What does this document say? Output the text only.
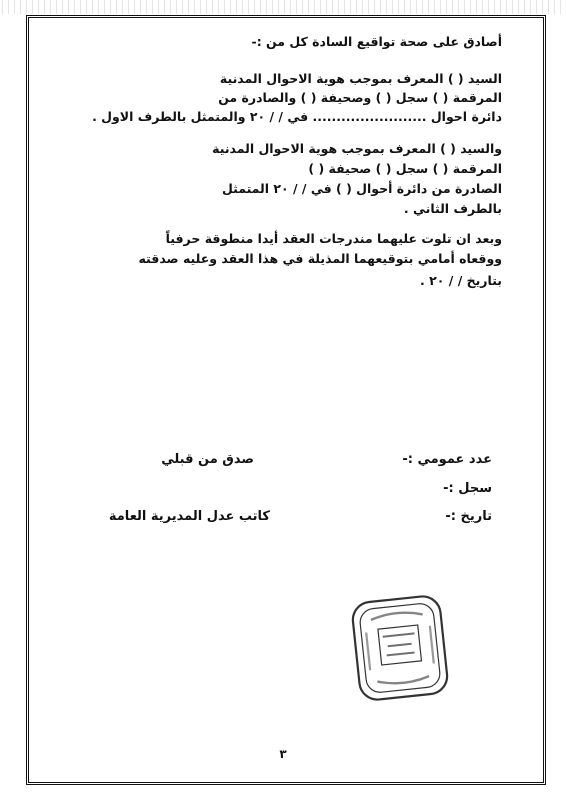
أصادق على صحة تواقيع السادة كل من :-
السيد ( ) المعرف بموجب هوية الاحوال المدنية
المرقمة ( ) سجل ( ) وصحيفة ( ) والصادرة من
دائرة احوال ........................ في / / ٢٠ والمتمثل بالطرف الاول .
والسيد ( ) المعرف بموجب هوية الاحوال المدنية
المرقمة ( ) سجل ( ) صحيفة ( )
الصادرة من دائرة أحوال ( ) في / / ٢٠ المتمثل
بالطرف الثاني .
وبعد ان تلوت عليهما مندرجات العقد أيدا منطوقة حرفياً
ووقعاه أمامي بتوقيعهما المذيلة في هذا العقد وعليه صدقته
بتاريخ / / ٢٠ .
عدد عمومي :-
صدق من قبلي
سجل :-
تاريخ :-
كاتب عدل المديرية العامة
٣
